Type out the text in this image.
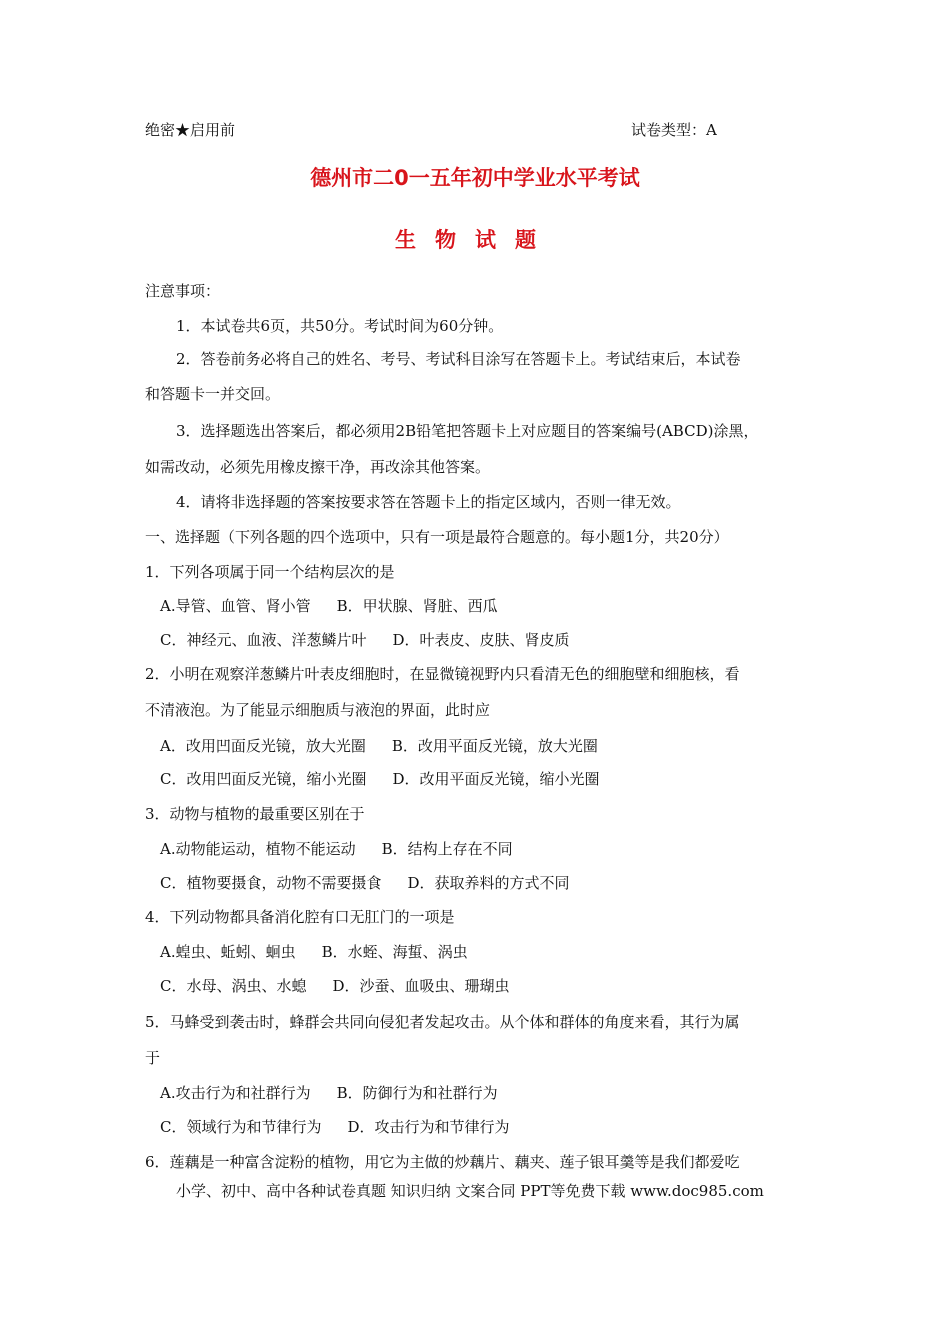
绝密★启用前	试卷类型：A
德州市二0一五年初中学业水平考试
生物试题
注意事项：
1．本试卷共6页，共50分。考试时间为60分钟。
2．答卷前务必将自己的姓名、考号、考试科目涂写在答题卡上。考试结束后，本试卷
和答题卡一并交回。
3．选择题选出答案后，都必须用2B铅笔把答题卡上对应题目的答案编号(ABCD)涂黑，
如需改动，必须先用橡皮擦干净，再改涂其他答案。
4．请将非选择题的答案按要求答在答题卡上的指定区域内，否则一律无效。
一、选择题（下列各题的四个选项中，只有一项是最符合题意的。每小题1分，共20分）
1．下列各项属于同一个结构层次的是
A.导管、血管、肾小管 B．甲状腺、肾脏、西瓜
C．神经元、血液、洋葱鳞片叶 D．叶表皮、皮肤、肾皮质
2．小明在观察洋葱鳞片叶表皮细胞时，在显微镜视野内只看清无色的细胞壁和细胞核，看
不清液泡。为了能显示细胞质与液泡的界面，此时应
A．改用凹面反光镜，放大光圈 B．改用平面反光镜，放大光圈
C．改用凹面反光镜，缩小光圈 D．改用平面反光镜，缩小光圈
3．动物与植物的最重要区别在于
A.动物能运动，植物不能运动 B．结构上存在不同
C．植物要摄食，动物不需要摄食 D．获取养料的方式不同
4．下列动物都具备消化腔有口无肛门的一项是
A.蝗虫、蚯蚓、蛔虫 B．水蛭、海蜇、涡虫
C．水母、涡虫、水螅 D．沙蚕、血吸虫、珊瑚虫
5．马蜂受到袭击时，蜂群会共同向侵犯者发起攻击。从个体和群体的角度来看，其行为属
于
A.攻击行为和社群行为 B．防御行为和社群行为
C．领域行为和节律行为 D．攻击行为和节律行为
6．莲藕是一种富含淀粉的植物，用它为主做的炒藕片、藕夹、莲子银耳羹等是我们都爱吃
小学、初中、高中各种试卷真题 知识归纳 文案合同 PPT等免费下载 www.doc985.com
